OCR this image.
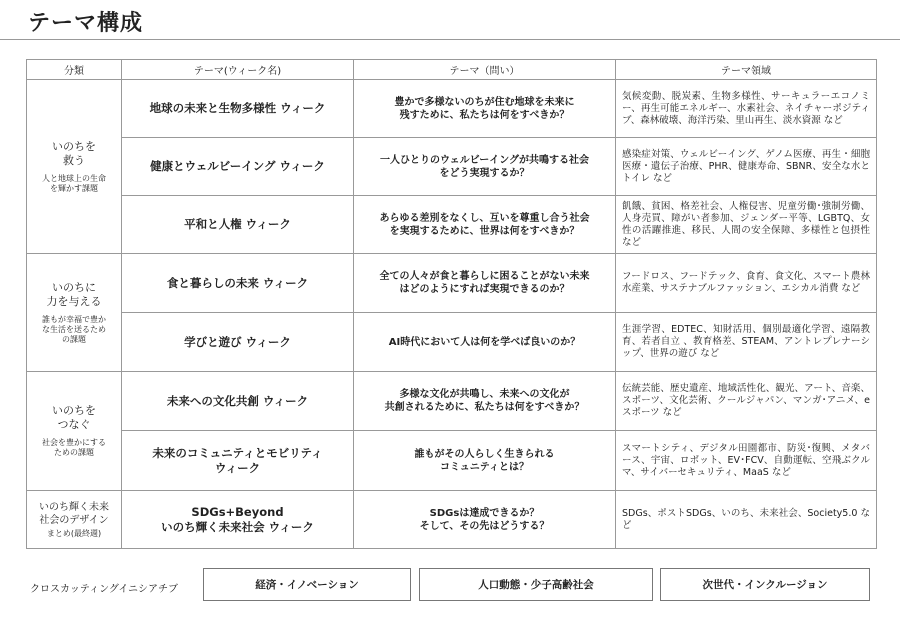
テーマ構成
分類	テーマ(ウィーク名)	テーマ（問い）	テーマ領域

いのちを
救う
人と地球上の生命
を輝かす課題	地球の未来と生物多様性 ウィーク	豊かで多様ないのちが住む地球を未来に
残すために、私たちは何をすべきか？	気候変動、脱炭素、生物多様性、サーキュラーエコノミー、再生可能エネルギー、水素社会、ネイチャーポジティブ、森林破壊、海洋汚染、里山再生、淡水資源 など
	健康とウェルビーイング ウィーク	一人ひとりのウェルビーイングが共鳴する社会
をどう実現するか？	感染症対策、ウェルビーイング、ゲノム医療、再生・細胞医療・遺伝子治療、PHR、健康寿命、SBNR、安全な水とトイレ など
	平和と人権 ウィーク	あらゆる差別をなくし、互いを尊重し合う社会
を実現するために、世界は何をすべきか？	飢餓、貧困、格差社会、人権侵害、児童労働･強制労働、人身売買、障がい者参加、ジェンダー平等、LGBTQ、女性の活躍推進、移民、人間の安全保障、多様性と包摂性 など

いのちに
力を与える
誰もが幸福で豊か
な生活を送るため
の課題	食と暮らしの未来 ウィーク	全ての人々が食と暮らしに困ることがない未来
はどのようにすれば実現できるのか？	フードロス、フードテック、食育、食文化、スマート農林水産業、サステナブルファッション、エシカル消費 など
	学びと遊び ウィーク	AI時代において人は何を学べば良いのか？	生涯学習、EDTEC、知財活用、個別最適化学習、遠隔教育、若者自立 、教育格差、STEAM、アントレプレナーシップ、世界の遊び など

いのちを
つなぐ
社会を豊かにする
ための課題	未来への文化共創 ウィーク	多様な文化が共鳴し、未来への文化が
共創されるために、私たちは何をすべきか？	伝統芸能、歴史遺産、地域活性化、観光、アート、音楽、スポーツ、文化芸術、クールジャパン、マンガ･アニメ、eスポーツ など
	未来のコミュニティとモビリティ
ウィーク	誰もがその人らしく生きられる
コミュニティとは？	スマートシティ、デジタル田園都市、防災･復興、メタバース、宇宙、ロボット、EV･FCV、自動運転、空飛ぶクルマ、サイバーセキュリティ、MaaS など

いのち輝く未来
社会のデザイン
まとめ(最終週)	SDGs+Beyond
いのち輝く未来社会 ウィーク	SDGsは達成できるか？
そして、その先はどうする？	SDGs、ポストSDGs、いのち、未来社会、Society5.0 など
クロスカッティングイニシアチブ	経済・イノベーション	人口動態・少子高齢社会	次世代・インクルージョン
